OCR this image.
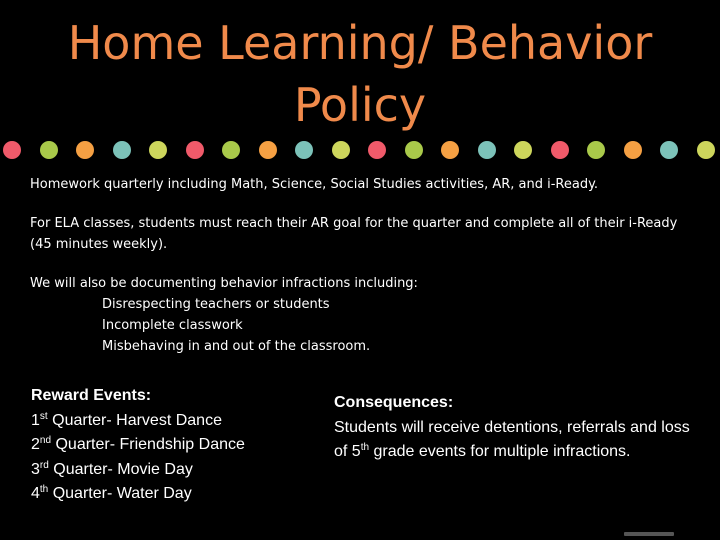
Home Learning/ Behavior
Policy

Homework quarterly including Math, Science, Social Studies activities, AR, and i-Ready.

For ELA classes, students must reach their AR goal for the quarter and complete all of their i-Ready (45 minutes weekly).

We will also be documenting behavior infractions including:
Disrespecting teachers or students
Incomplete classwork
Misbehaving in and out of the classroom.

Reward Events:
1st Quarter- Harvest Dance
2nd Quarter- Friendship Dance
3rd Quarter- Movie Day
4th Quarter- Water Day
Consequences:
Students will receive detentions, referrals and loss of 5th grade events for multiple infractions.
